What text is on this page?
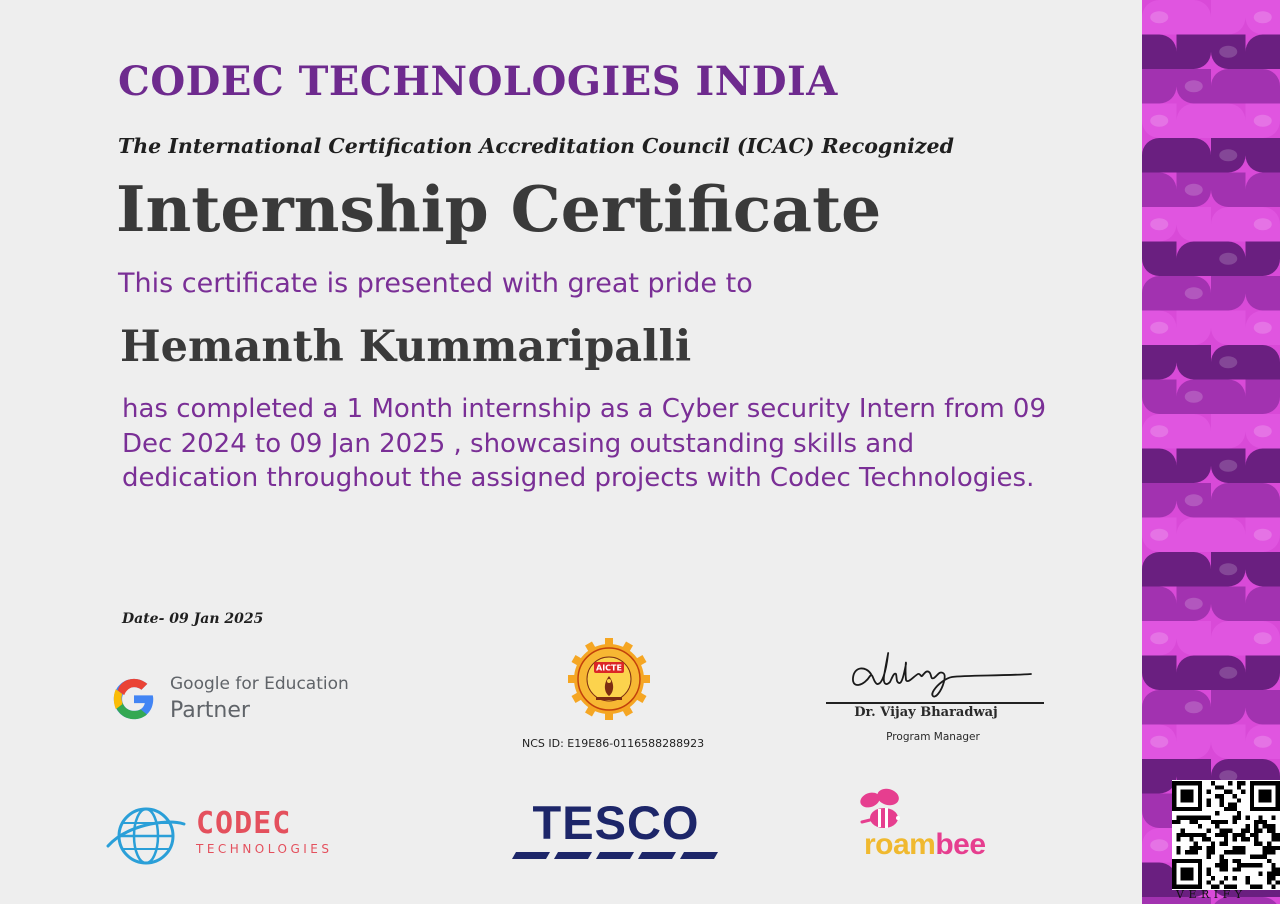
CODEC TECHNOLOGIES INDIA
The International Certification Accreditation Council (ICAC) Recognized
Internship Certificate
This certificate is presented with great pride to
Hemanth Kummaripalli
has completed a 1 Month internship as a Cyber security Intern from 09 Dec 2024 to 09 Jan 2025 , showcasing outstanding skills and dedication throughout the assigned projects with Codec Technologies.
Date- 09 Jan 2025
Google for Education
Partner
AICTE
NCS ID: E19E86-0116588288923
Dr. Vijay Bharadwaj
Program Manager
CODEC
TECHNOLOGIES	TESCO	roambee
VERIFY
